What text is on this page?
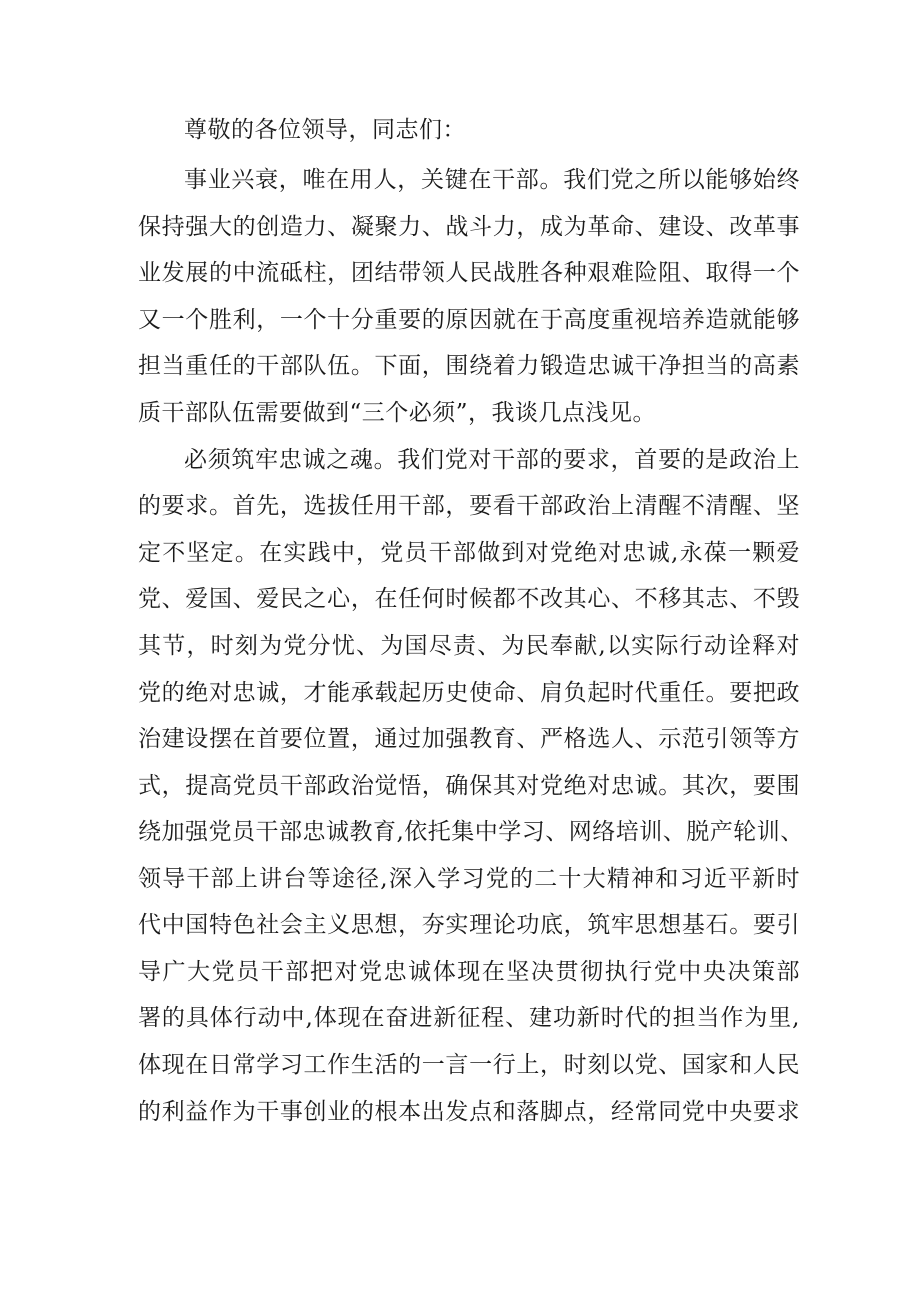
尊敬的各位领导，同志们：
事业兴衰，唯在用人，关键在干部。我们党之所以能够始终
保持强大的创造力、凝聚力、战斗力，成为革命、建设、改革事
业发展的中流砥柱，团结带领人民战胜各种艰难险阻、取得一个
又一个胜利，一个十分重要的原因就在于高度重视培养造就能够
担当重任的干部队伍。下面，围绕着力锻造忠诚干净担当的高素
质干部队伍需要做到“三个必须”，我谈几点浅见。
必须筑牢忠诚之魂。我们党对干部的要求，首要的是政治上
的要求。首先，选拔任用干部，要看干部政治上清醒不清醒、坚
定不坚定。在实践中，党员干部做到对党绝对忠诚,永葆一颗爱
党、爱国、爱民之心，在任何时候都不改其心、不移其志、不毁
其节，时刻为党分忧、为国尽责、为民奉献,以实际行动诠释对
党的绝对忠诚，才能承载起历史使命、肩负起时代重任。要把政
治建设摆在首要位置，通过加强教育、严格选人、示范引领等方
式，提高党员干部政治觉悟，确保其对党绝对忠诚。其次，要围
绕加强党员干部忠诚教育,依托集中学习、网络培训、脱产轮训、
领导干部上讲台等途径,深入学习党的二十大精神和习近平新时
代中国特色社会主义思想，夯实理论功底，筑牢思想基石。要引
导广大党员干部把对党忠诚体现在坚决贯彻执行党中央决策部
署的具体行动中,体现在奋进新征程、建功新时代的担当作为里,
体现在日常学习工作生活的一言一行上，时刻以党、国家和人民
的利益作为干事创业的根本出发点和落脚点，经常同党中央要求
